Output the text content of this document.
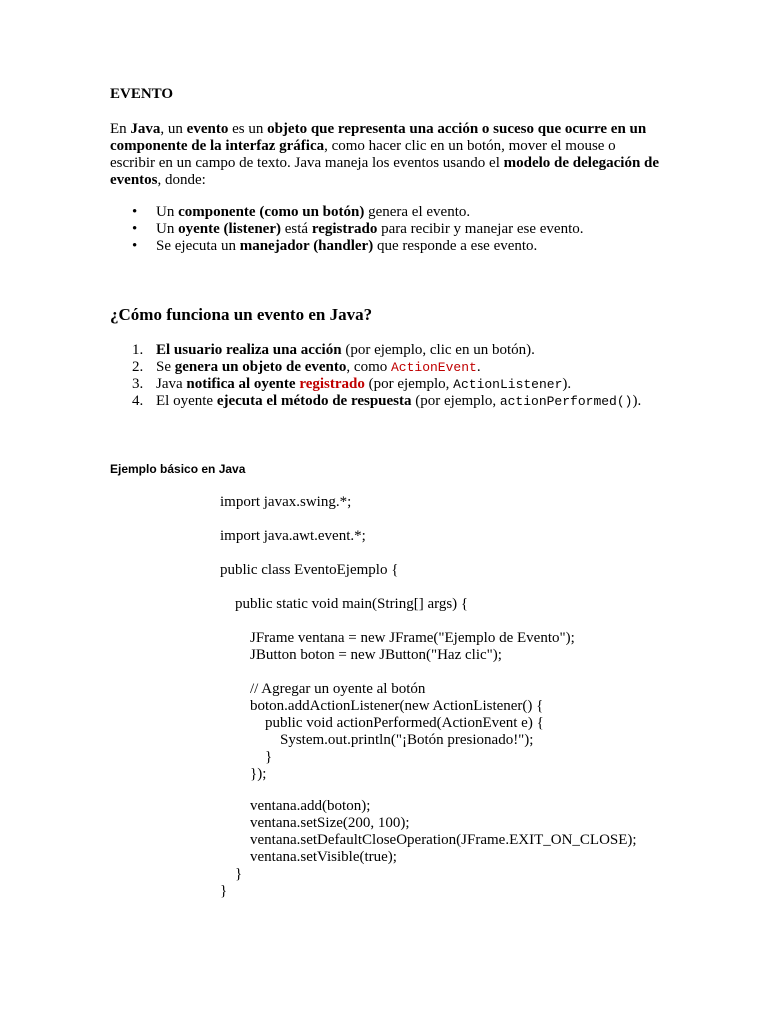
EVENTO
En Java, un evento es un objeto que representa una acción o suceso que ocurre en un componente de la interfaz gráfica, como hacer clic en un botón, mover el mouse o escribir en un campo de texto. Java maneja los eventos usando el modelo de delegación de eventos, donde:
• Un componente (como un botón) genera el evento.
• Un oyente (listener) está registrado para recibir y manejar ese evento.
• Se ejecuta un manejador (handler) que responde a ese evento.
¿Cómo funciona un evento en Java?
1. El usuario realiza una acción (por ejemplo, clic en un botón).
2. Se genera un objeto de evento, como ActionEvent.
3. Java notifica al oyente registrado (por ejemplo, ActionListener).
4. El oyente ejecuta el método de respuesta (por ejemplo, actionPerformed()).
Ejemplo básico en Java

import javax.swing.*;

import java.awt.event.*;

public class EventoEjemplo {

public static void main(String[] args) {

JFrame ventana = new JFrame("Ejemplo de Evento");

JButton boton = new JButton("Haz clic");

// Agregar un oyente al botón

boton.addActionListener(new ActionListener() {

public void actionPerformed(ActionEvent e) {

System.out.println("¡Botón presionado!");

}

});

ventana.add(boton);

ventana.setSize(200, 100);

ventana.setDefaultCloseOperation(JFrame.EXIT_ON_CLOSE);

ventana.setVisible(true);

}

}
